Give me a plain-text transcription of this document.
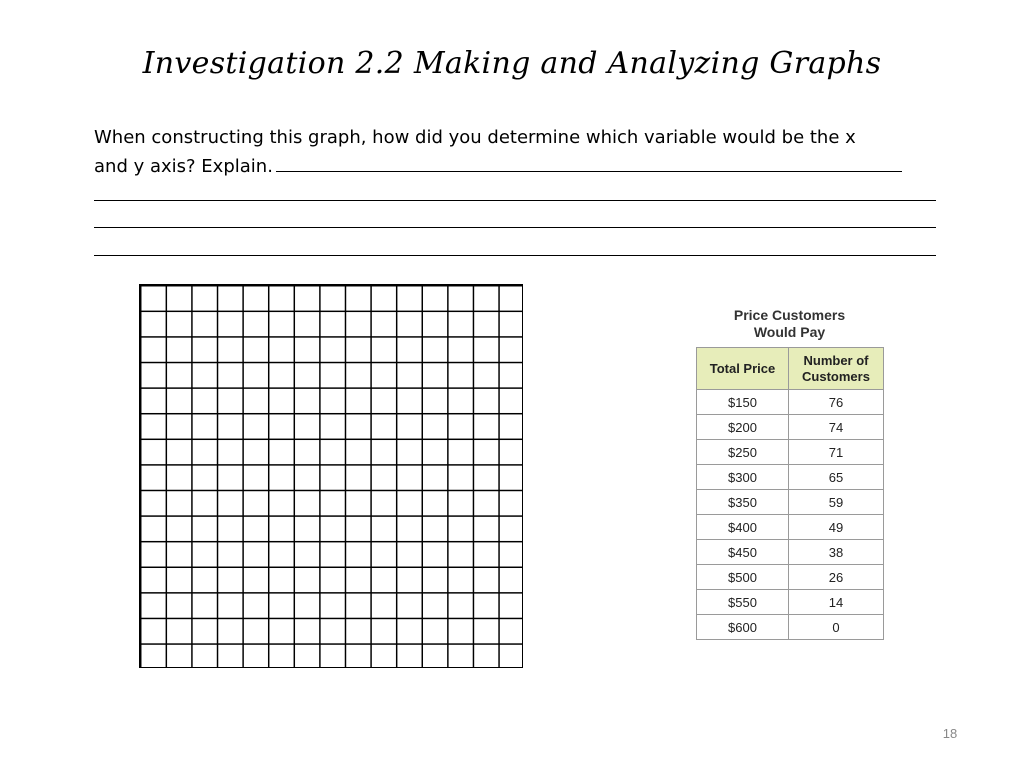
Investigation 2.2 Making and Analyzing Graphs
When constructing this graph, how did you determine which variable would be the x
and y axis? Explain.
Price Customers
Would Pay
Total Price	Number of Customers

$150	76
$200	74
$250	71
$300	65
$350	59
$400	49
$450	38
$500	26
$550	14
$600	0
18
